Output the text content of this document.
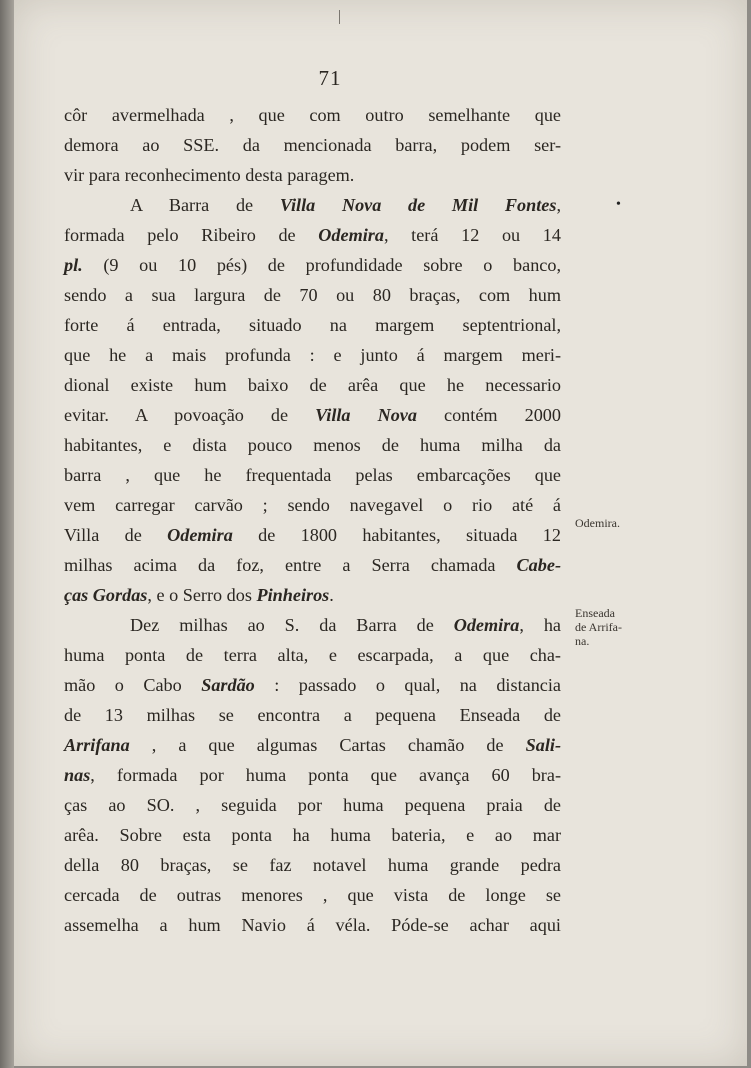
71
côr avermelhada , que com outro semelhante que
demora ao SSE. da mencionada barra, podem ser-
vir para reconhecimento desta paragem.
A Barra de Villa Nova de Mil Fontes,
formada pelo Ribeiro de Odemira, terá 12 ou 14
pl. (9 ou 10 pés) de profundidade sobre o banco,
sendo a sua largura de 70 ou 80 braças, com hum
forte á entrada, situado na margem septentrional,
que he a mais profunda : e junto á margem meri-
dional existe hum baixo de arêa que he necessario
evitar. A povoação de Villa Nova contém 2000
habitantes, e dista pouco menos de huma milha da
barra , que he frequentada pelas embarcações que
vem carregar carvão ; sendo navegavel o rio até á
Villa de Odemira de 1800 habitantes, situada 12
milhas acima da foz, entre a Serra chamada Cabe-
ças Gordas, e o Serro dos Pinheiros.
Dez milhas ao S. da Barra de Odemira, ha
huma ponta de terra alta, e escarpada, a que cha-
mão o Cabo Sardão : passado o qual, na distancia
de 13 milhas se encontra a pequena Enseada de
Arrifana , a que algumas Cartas chamão de Sali-
nas, formada por huma ponta que avança 60 bra-
ças ao SO. , seguida por huma pequena praia de
arêa. Sobre esta ponta ha huma bateria, e ao mar
della 80 braças, se faz notavel huma grande pedra
cercada de outras menores , que vista de longe se
assemelha a hum Navio á véla. Póde-se achar aqui
•
Odemira.
Enseada
de Arrifa-
na.
